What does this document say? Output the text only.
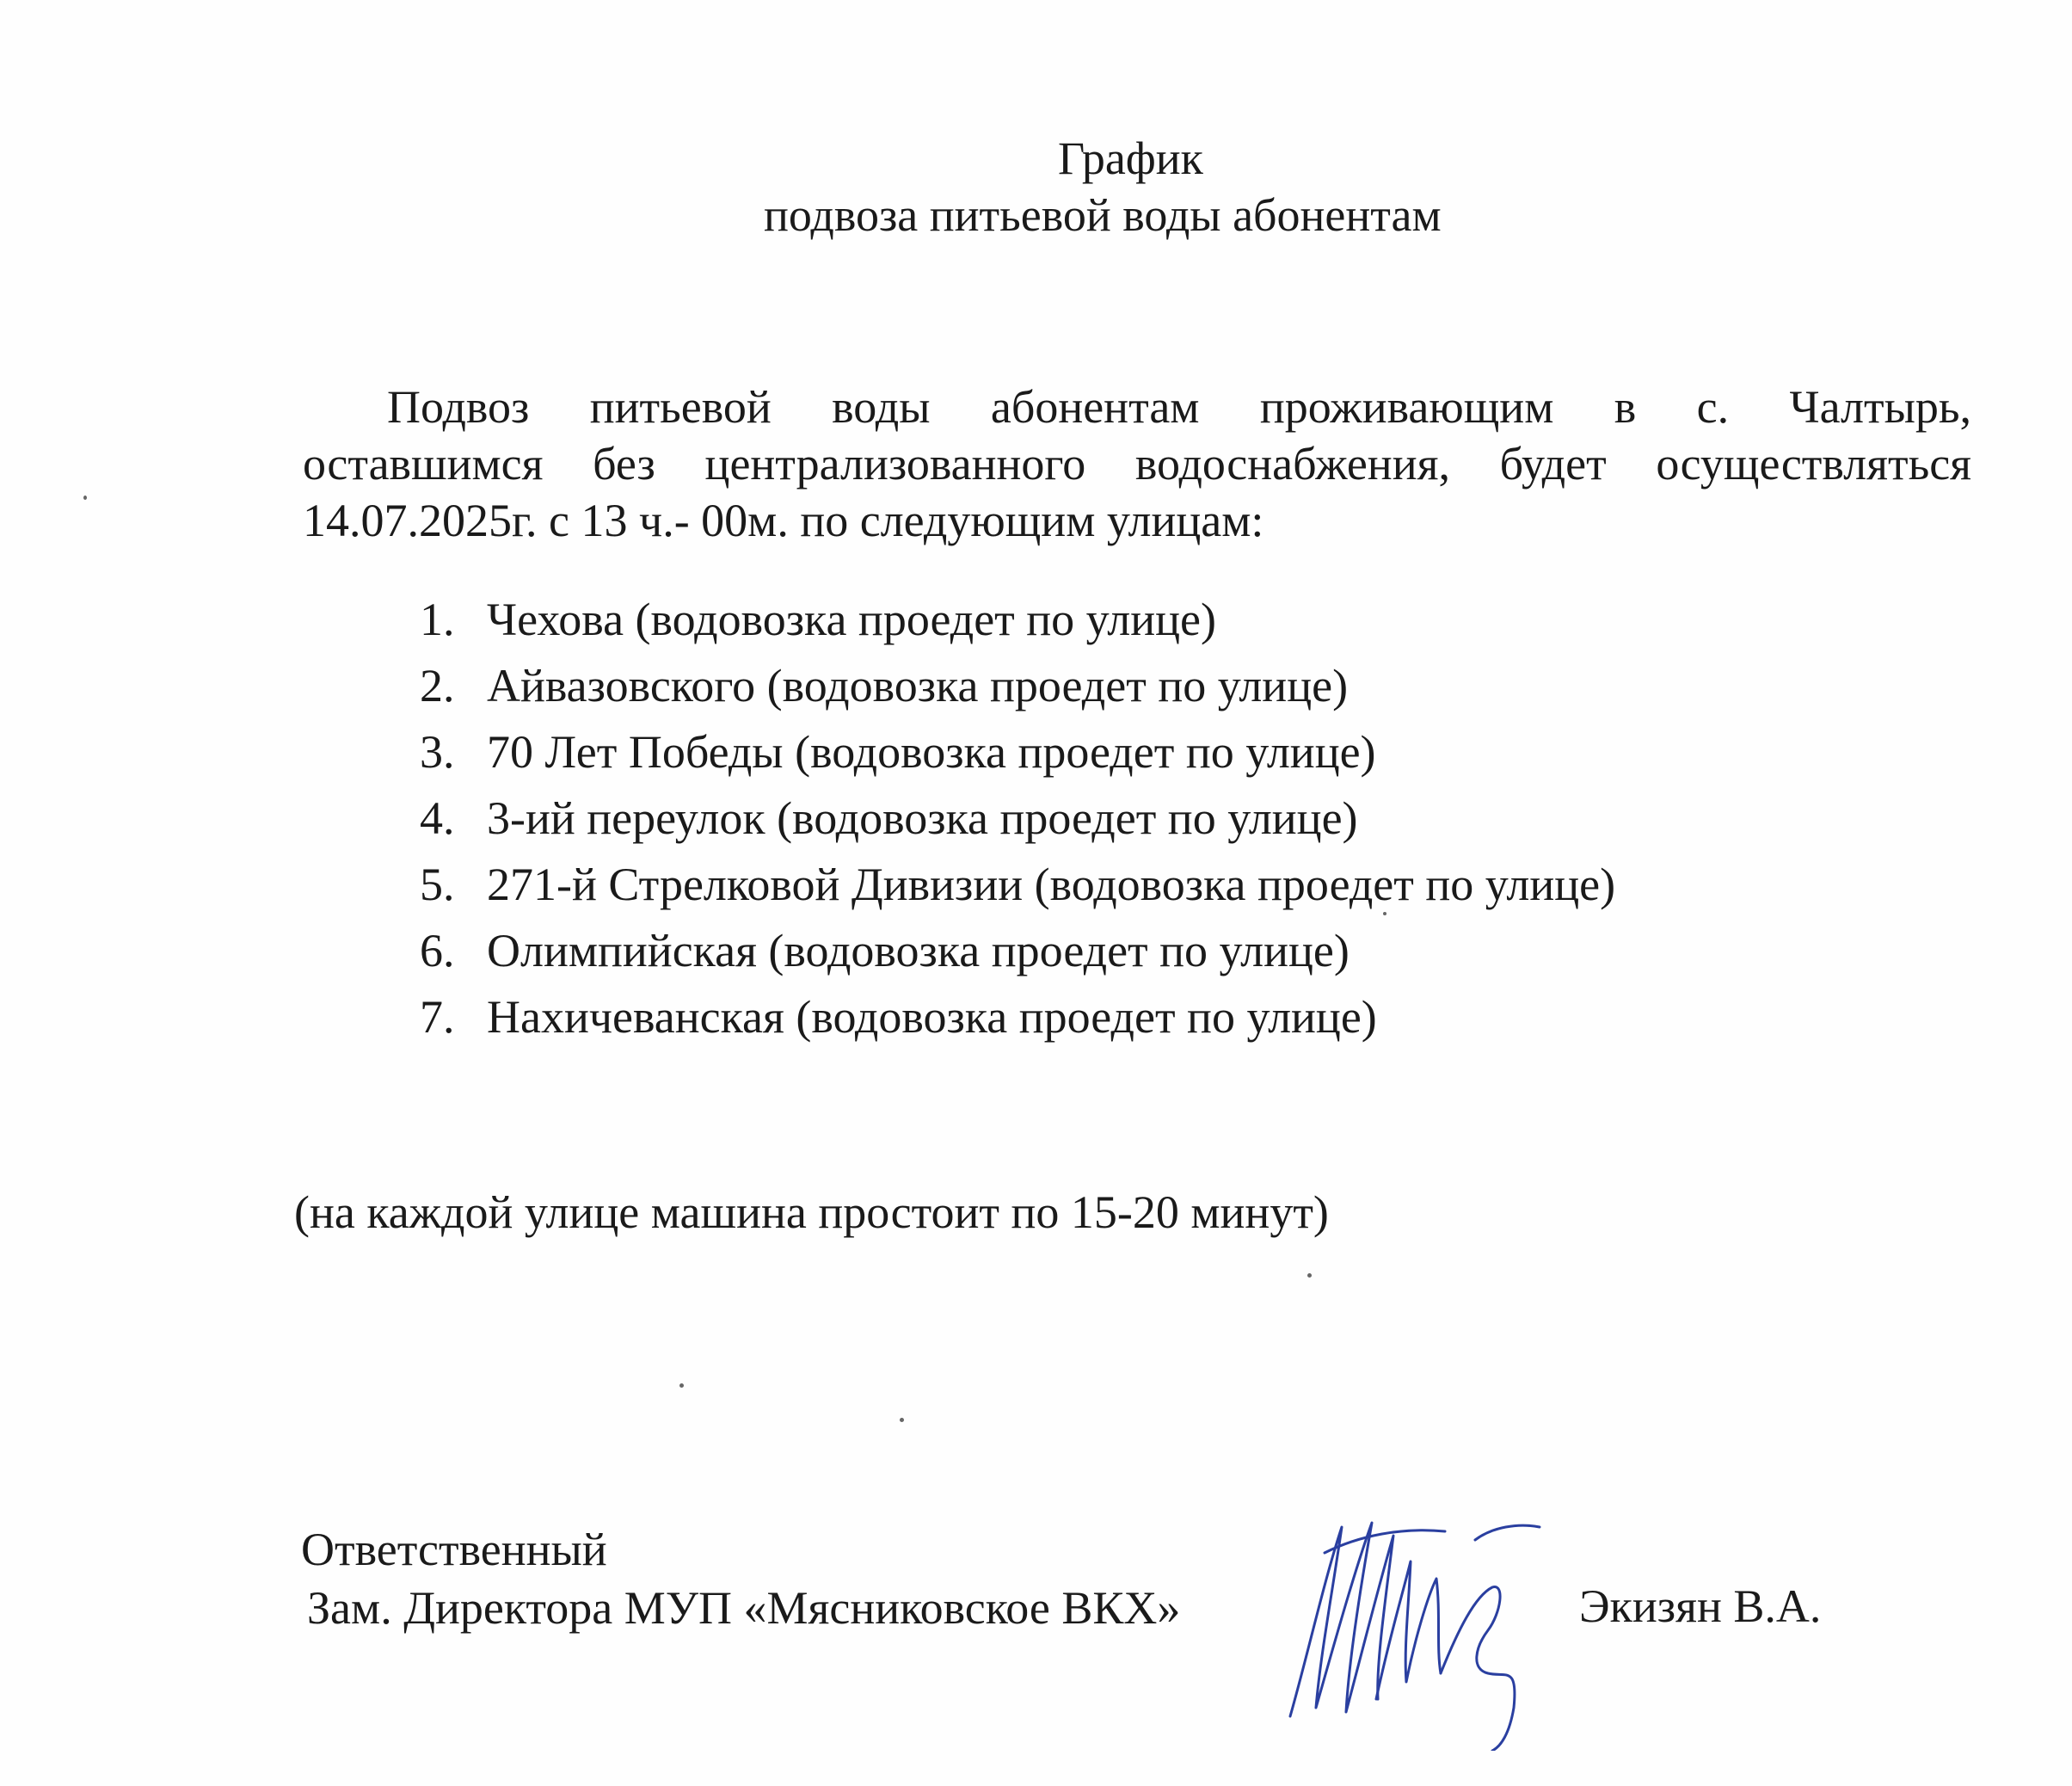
График
подвоза питьевой воды абонентам
Подвоз питьевой воды абонентам проживающим в с. Чалтырь,
оставшимся без централизованного водоснабжения, будет осуществляться
14.07.2025г. с 13 ч.- 00м. по следующим улицам:
1. Чехова (водовозка проедет по улице)
2. Айвазовского (водовозка проедет по улице)
3. 70 Лет Победы (водовозка проедет по улице)
4. 3-ий переулок (водовозка проедет по улице)
5. 271-й Стрелковой Дивизии (водовозка проедет по улице)
6. Олимпийская (водовозка проедет по улице)
7. Нахичеванская (водовозка проедет по улице)
(на каждой улице машина простоит по 15-20 минут)
Ответственный
Зам. Директора МУП «Мясниковское ВКХ»	Экизян В.А.
